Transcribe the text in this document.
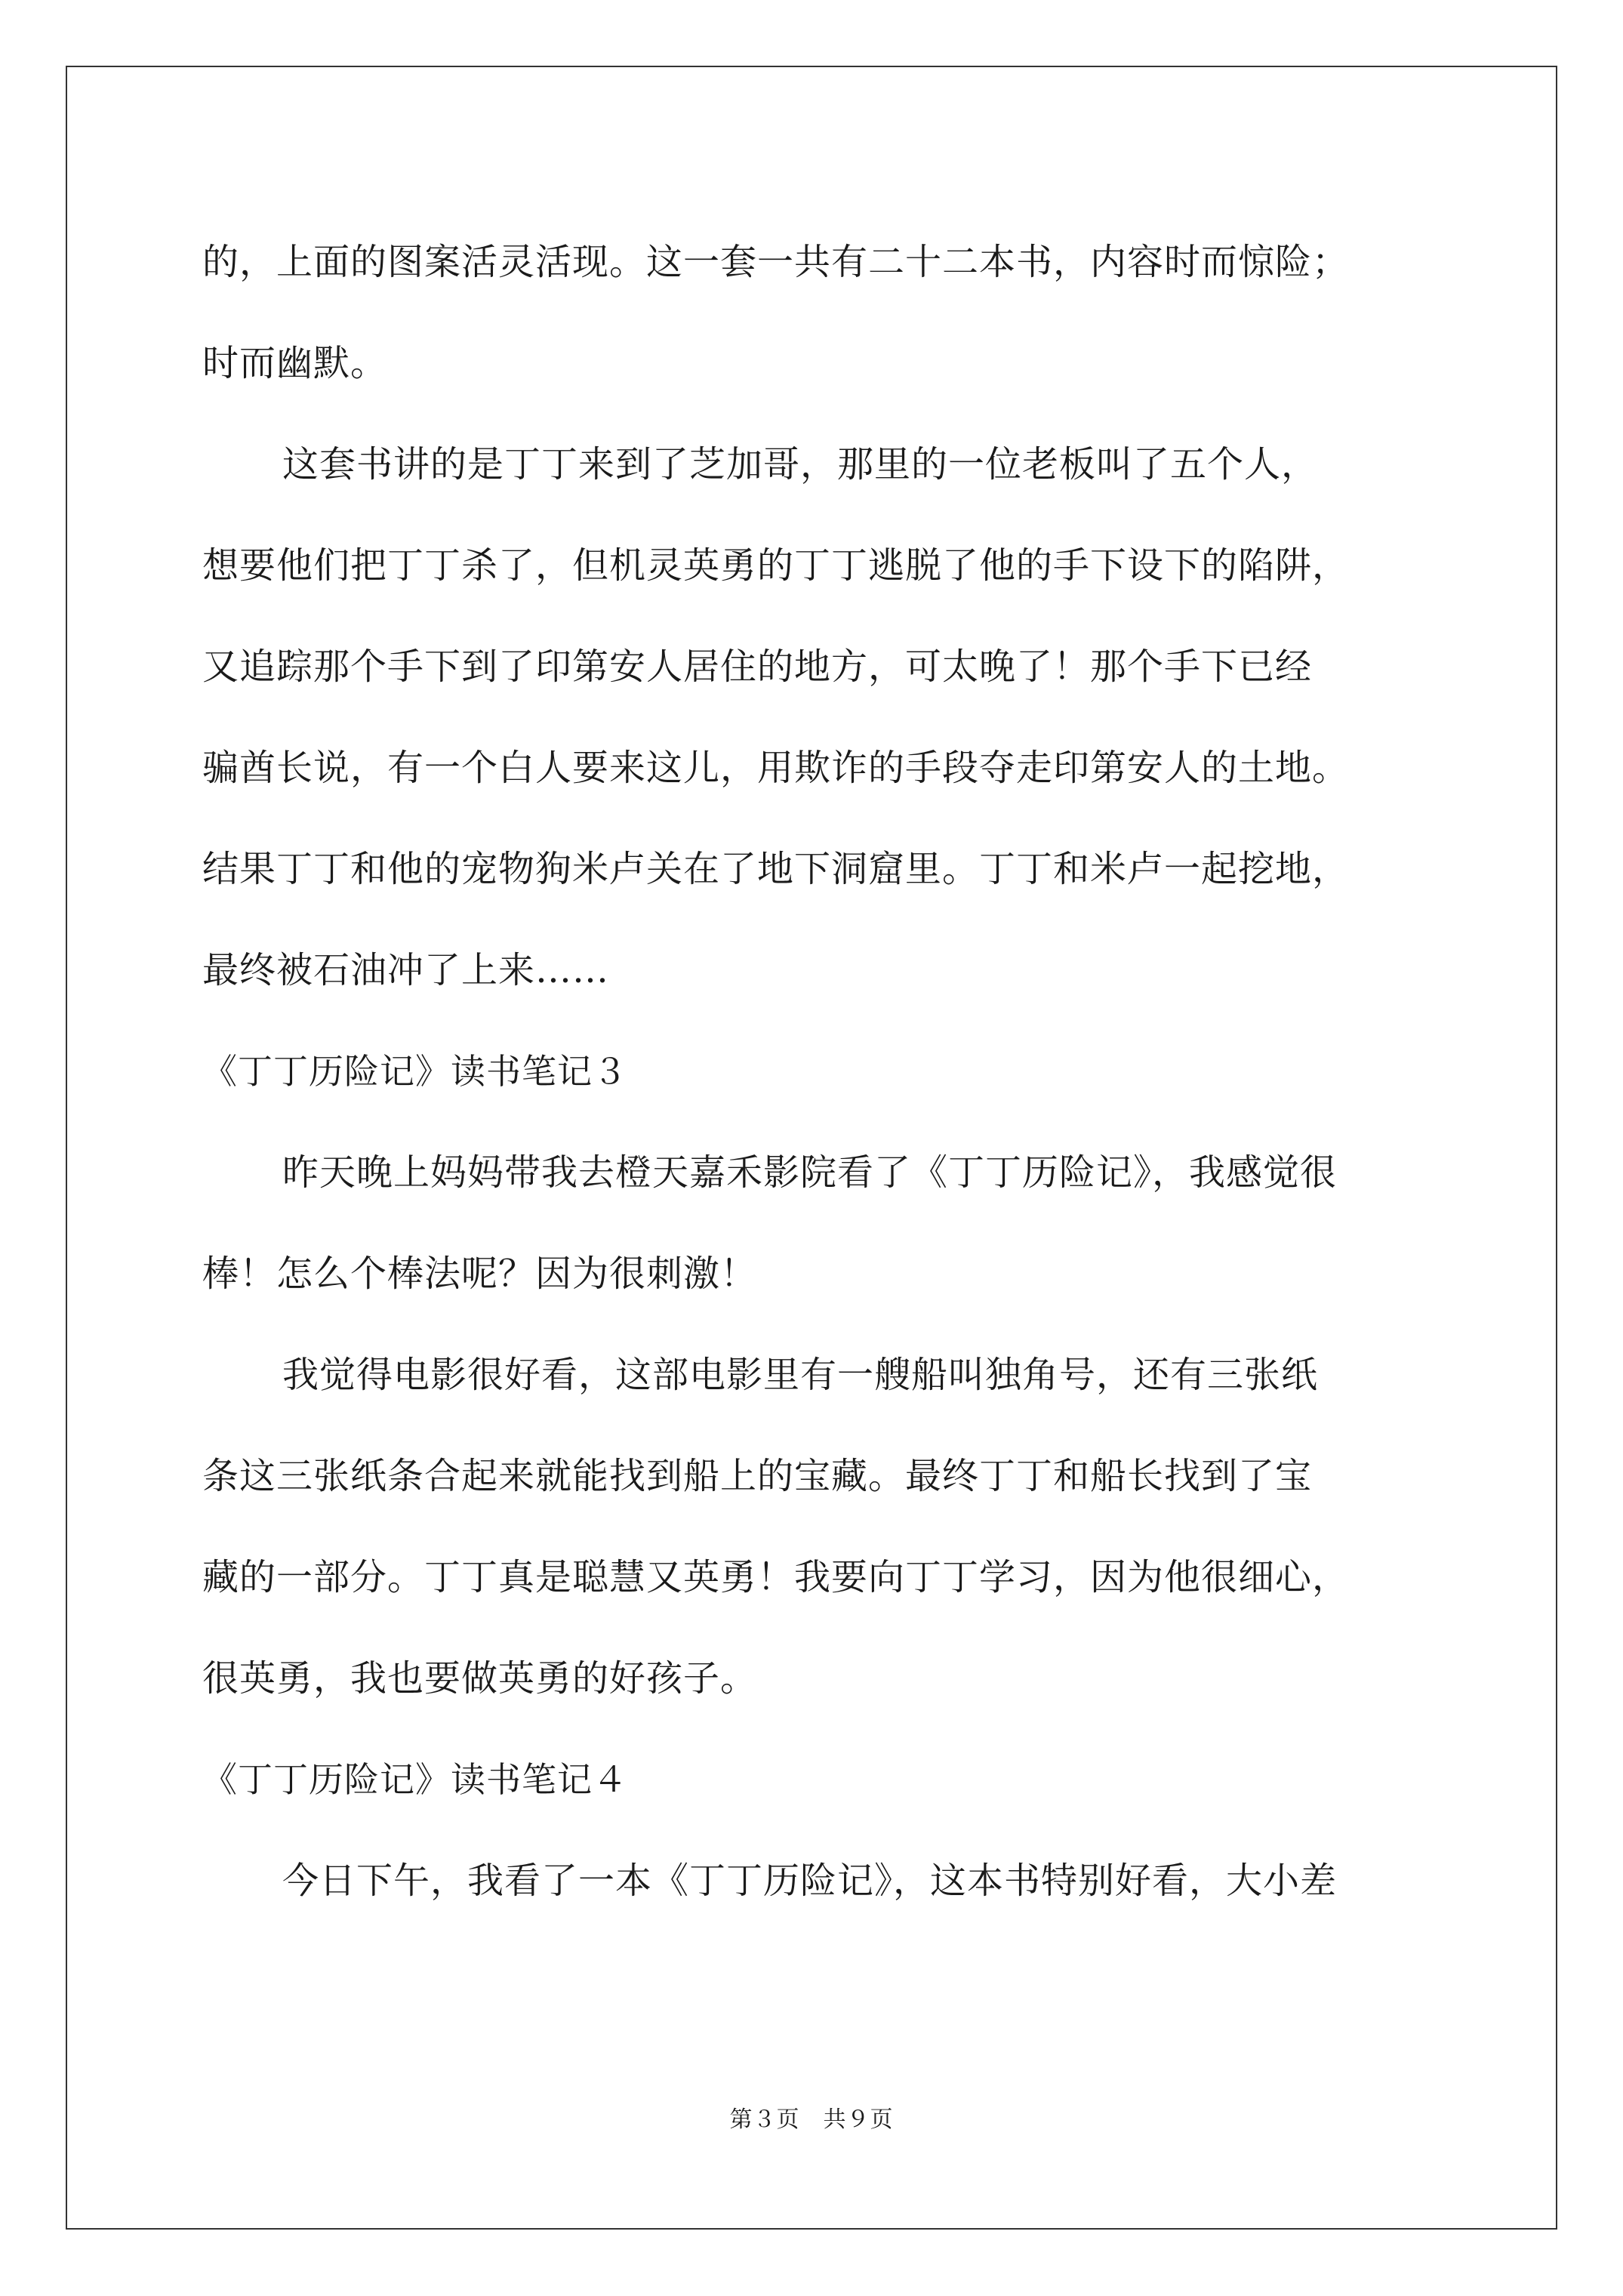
的，上面的图案活灵活现。这一套一共有二十二本书，内容时而惊险；
时而幽默。
这套书讲的是丁丁来到了芝加哥，那里的一位老板叫了五个人，
想要他们把丁丁杀了，但机灵英勇的丁丁逃脱了他的手下设下的陷阱，
又追踪那个手下到了印第安人居住的地方，可太晚了！那个手下已经
骗酋长说，有一个白人要来这儿，用欺诈的手段夺走印第安人的土地。
结果丁丁和他的宠物狗米卢关在了地下洞窟里。丁丁和米卢一起挖地，
最终被石油冲了上来……
《丁丁历险记》读书笔记３
昨天晚上妈妈带我去橙天嘉禾影院看了《丁丁历险记》，我感觉很
棒！怎么个棒法呢？因为很刺激！
我觉得电影很好看，这部电影里有一艘船叫独角号，还有三张纸
条这三张纸条合起来就能找到船上的宝藏。最终丁丁和船长找到了宝
藏的一部分。丁丁真是聪慧又英勇！我要向丁丁学习，因为他很细心，
很英勇，我也要做英勇的好孩子。
《丁丁历险记》读书笔记４
今日下午，我看了一本《丁丁历险记》，这本书特别好看，大小差
第３页　共９页
